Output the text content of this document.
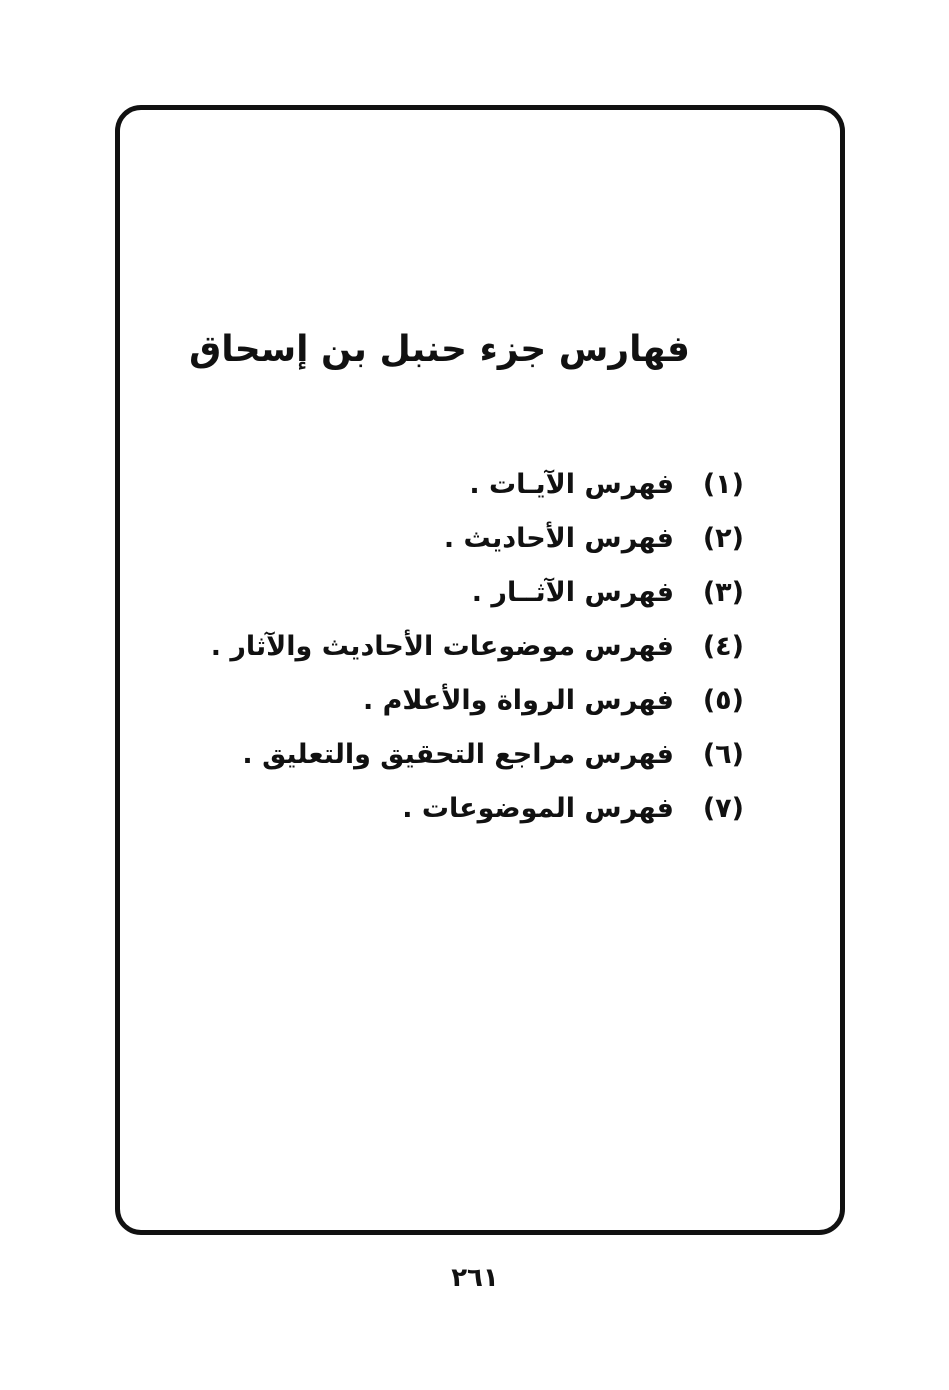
فهارس جزء حنبل بن إسحاق
(١)
فهرس الآيـات .
(٢)
فهرس الأحاديث .
(٣)
فهرس الآثــار .
(٤)
فهرس موضوعات الأحاديث والآثار .
(٥)
فهرس الرواة والأعلام .
(٦)
فهرس مراجع التحقيق والتعليق .
(٧)
فهرس الموضوعات .
٢٦١
